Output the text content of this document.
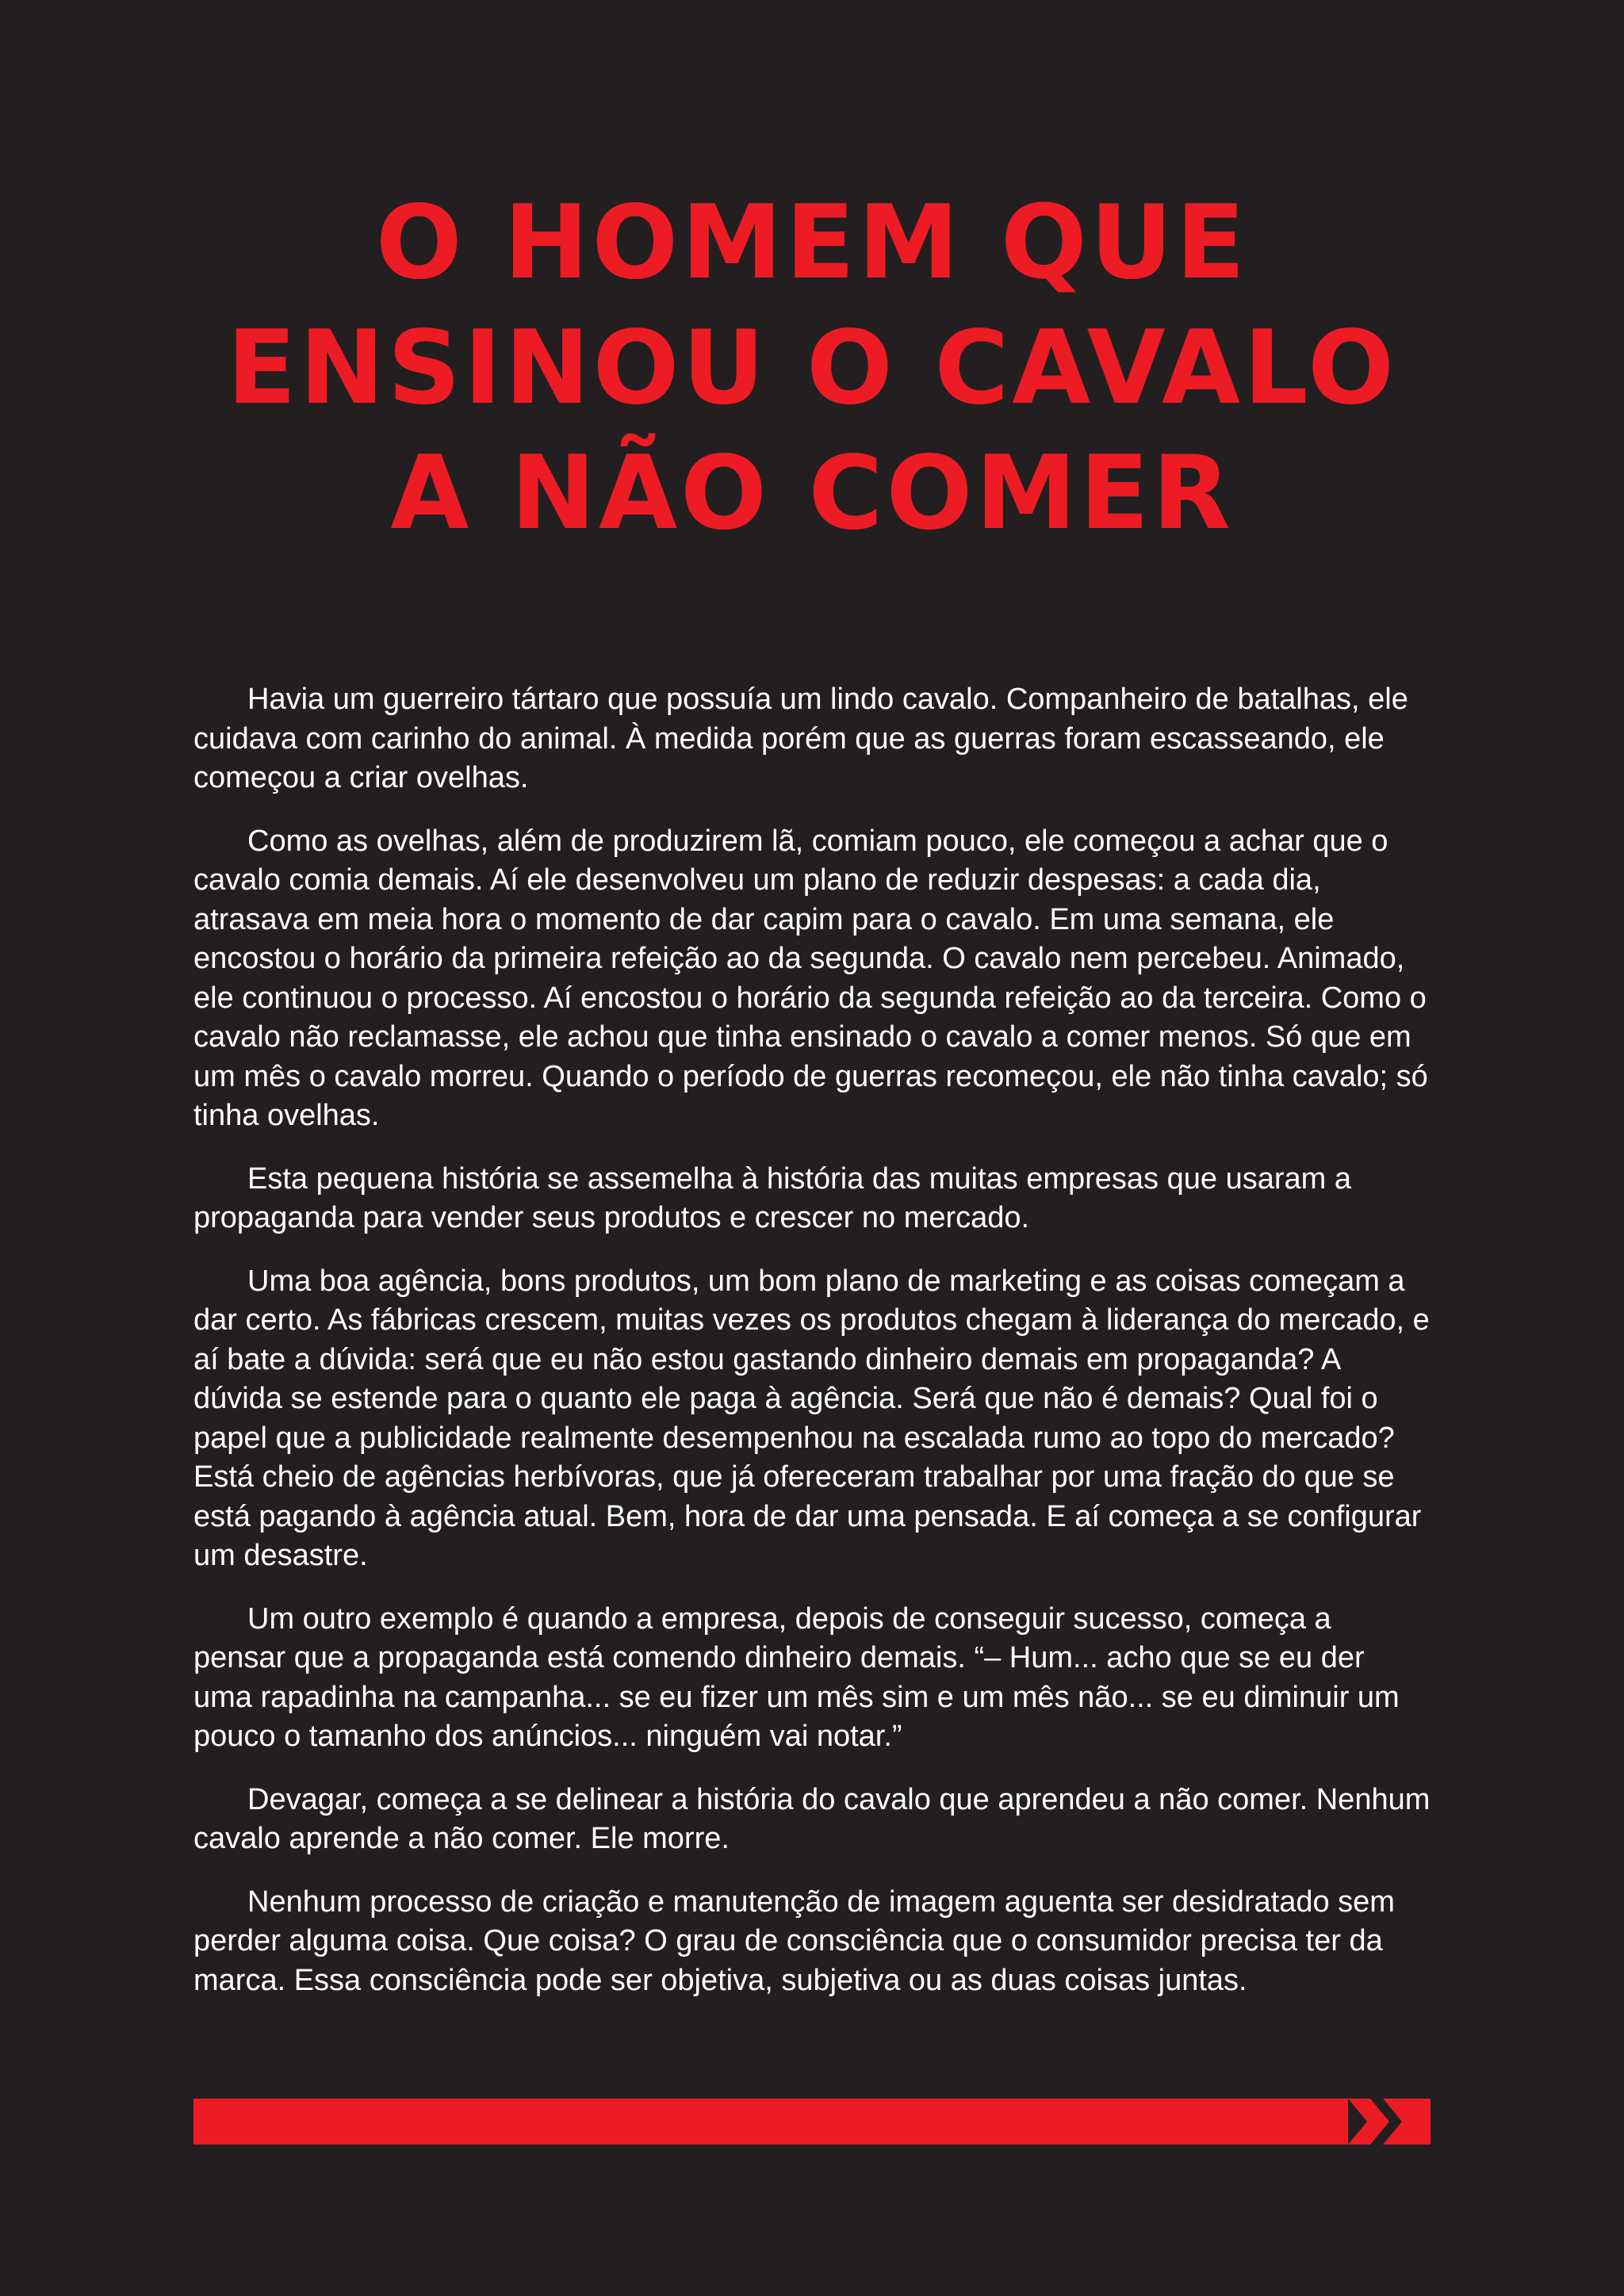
O HOMEM QUE
ENSINOU O CAVALO
A NÃO COMER

Havia um guerreiro tártaro que possuía um lindo cavalo. Companheiro de batalhas, ele cuidava com carinho do animal. À medida porém que as guerras foram escasseando, ele começou a criar ovelhas.

Como as ovelhas, além de produzirem lã, comiam pouco, ele começou a achar que o cavalo comia demais. Aí ele desenvolveu um plano de reduzir despesas: a cada dia, atrasava em meia hora o momento de dar capim para o cavalo. Em uma semana, ele encostou o horário da primeira refeição ao da segunda. O cavalo nem percebeu. Animado, ele continuou o processo. Aí encostou o horário da segunda refeição ao da terceira. Como o cavalo não reclamasse, ele achou que tinha ensinado o cavalo a comer menos. Só que em um mês o cavalo morreu. Quando o período de guerras recomeçou, ele não tinha cavalo; só tinha ovelhas.

Esta pequena história se assemelha à história das muitas empresas que usaram a propaganda para vender seus produtos e crescer no mercado.

Uma boa agência, bons produtos, um bom plano de marketing e as coisas começam a dar certo. As fábricas crescem, muitas vezes os produtos chegam à liderança do mercado, e aí bate a dúvida: será que eu não estou gastando dinheiro demais em propaganda? A dúvida se estende para o quanto ele paga à agência. Será que não é demais? Qual foi o papel que a publicidade realmente desempenhou na escalada rumo ao topo do mercado? Está cheio de agências herbívoras, que já ofereceram trabalhar por uma fração do que se está pagando à agência atual. Bem, hora de dar uma pensada. E aí começa a se configurar um desastre.

Um outro exemplo é quando a empresa, depois de conseguir sucesso, começa a pensar que a propaganda está comendo dinheiro demais. “– Hum... acho que se eu der uma rapadinha na campanha... se eu fizer um mês sim e um mês não... se eu diminuir um pouco o tamanho dos anúncios... ninguém vai notar.”

Devagar, começa a se delinear a história do cavalo que aprendeu a não comer. Nenhum cavalo aprende a não comer. Ele morre.

Nenhum processo de criação e manutenção de imagem aguenta ser desidratado sem perder alguma coisa. Que coisa? O grau de consciência que o consumidor precisa ter da marca. Essa consciência pode ser objetiva, subjetiva ou as duas coisas juntas.
